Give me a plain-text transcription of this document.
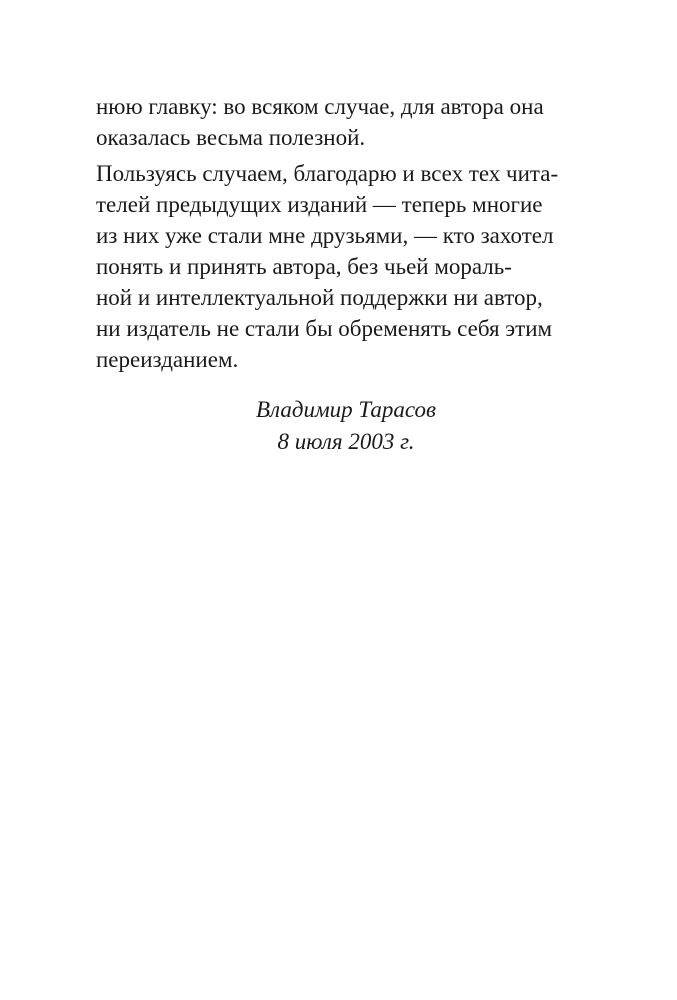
нюю главку: во всяком случае, для автора она
оказалась весьма полезной.
Пользуясь случаем, благодарю и всех тех чита-
телей предыдущих изданий — теперь многие
из них уже стали мне друзьями, — кто захотел
понять и принять автора, без чьей мораль-
ной и интеллектуальной поддержки ни автор,
ни издатель не стали бы обременять себя этим
переизданием.
Владимир Тарасов
8 июля 2003 г.
